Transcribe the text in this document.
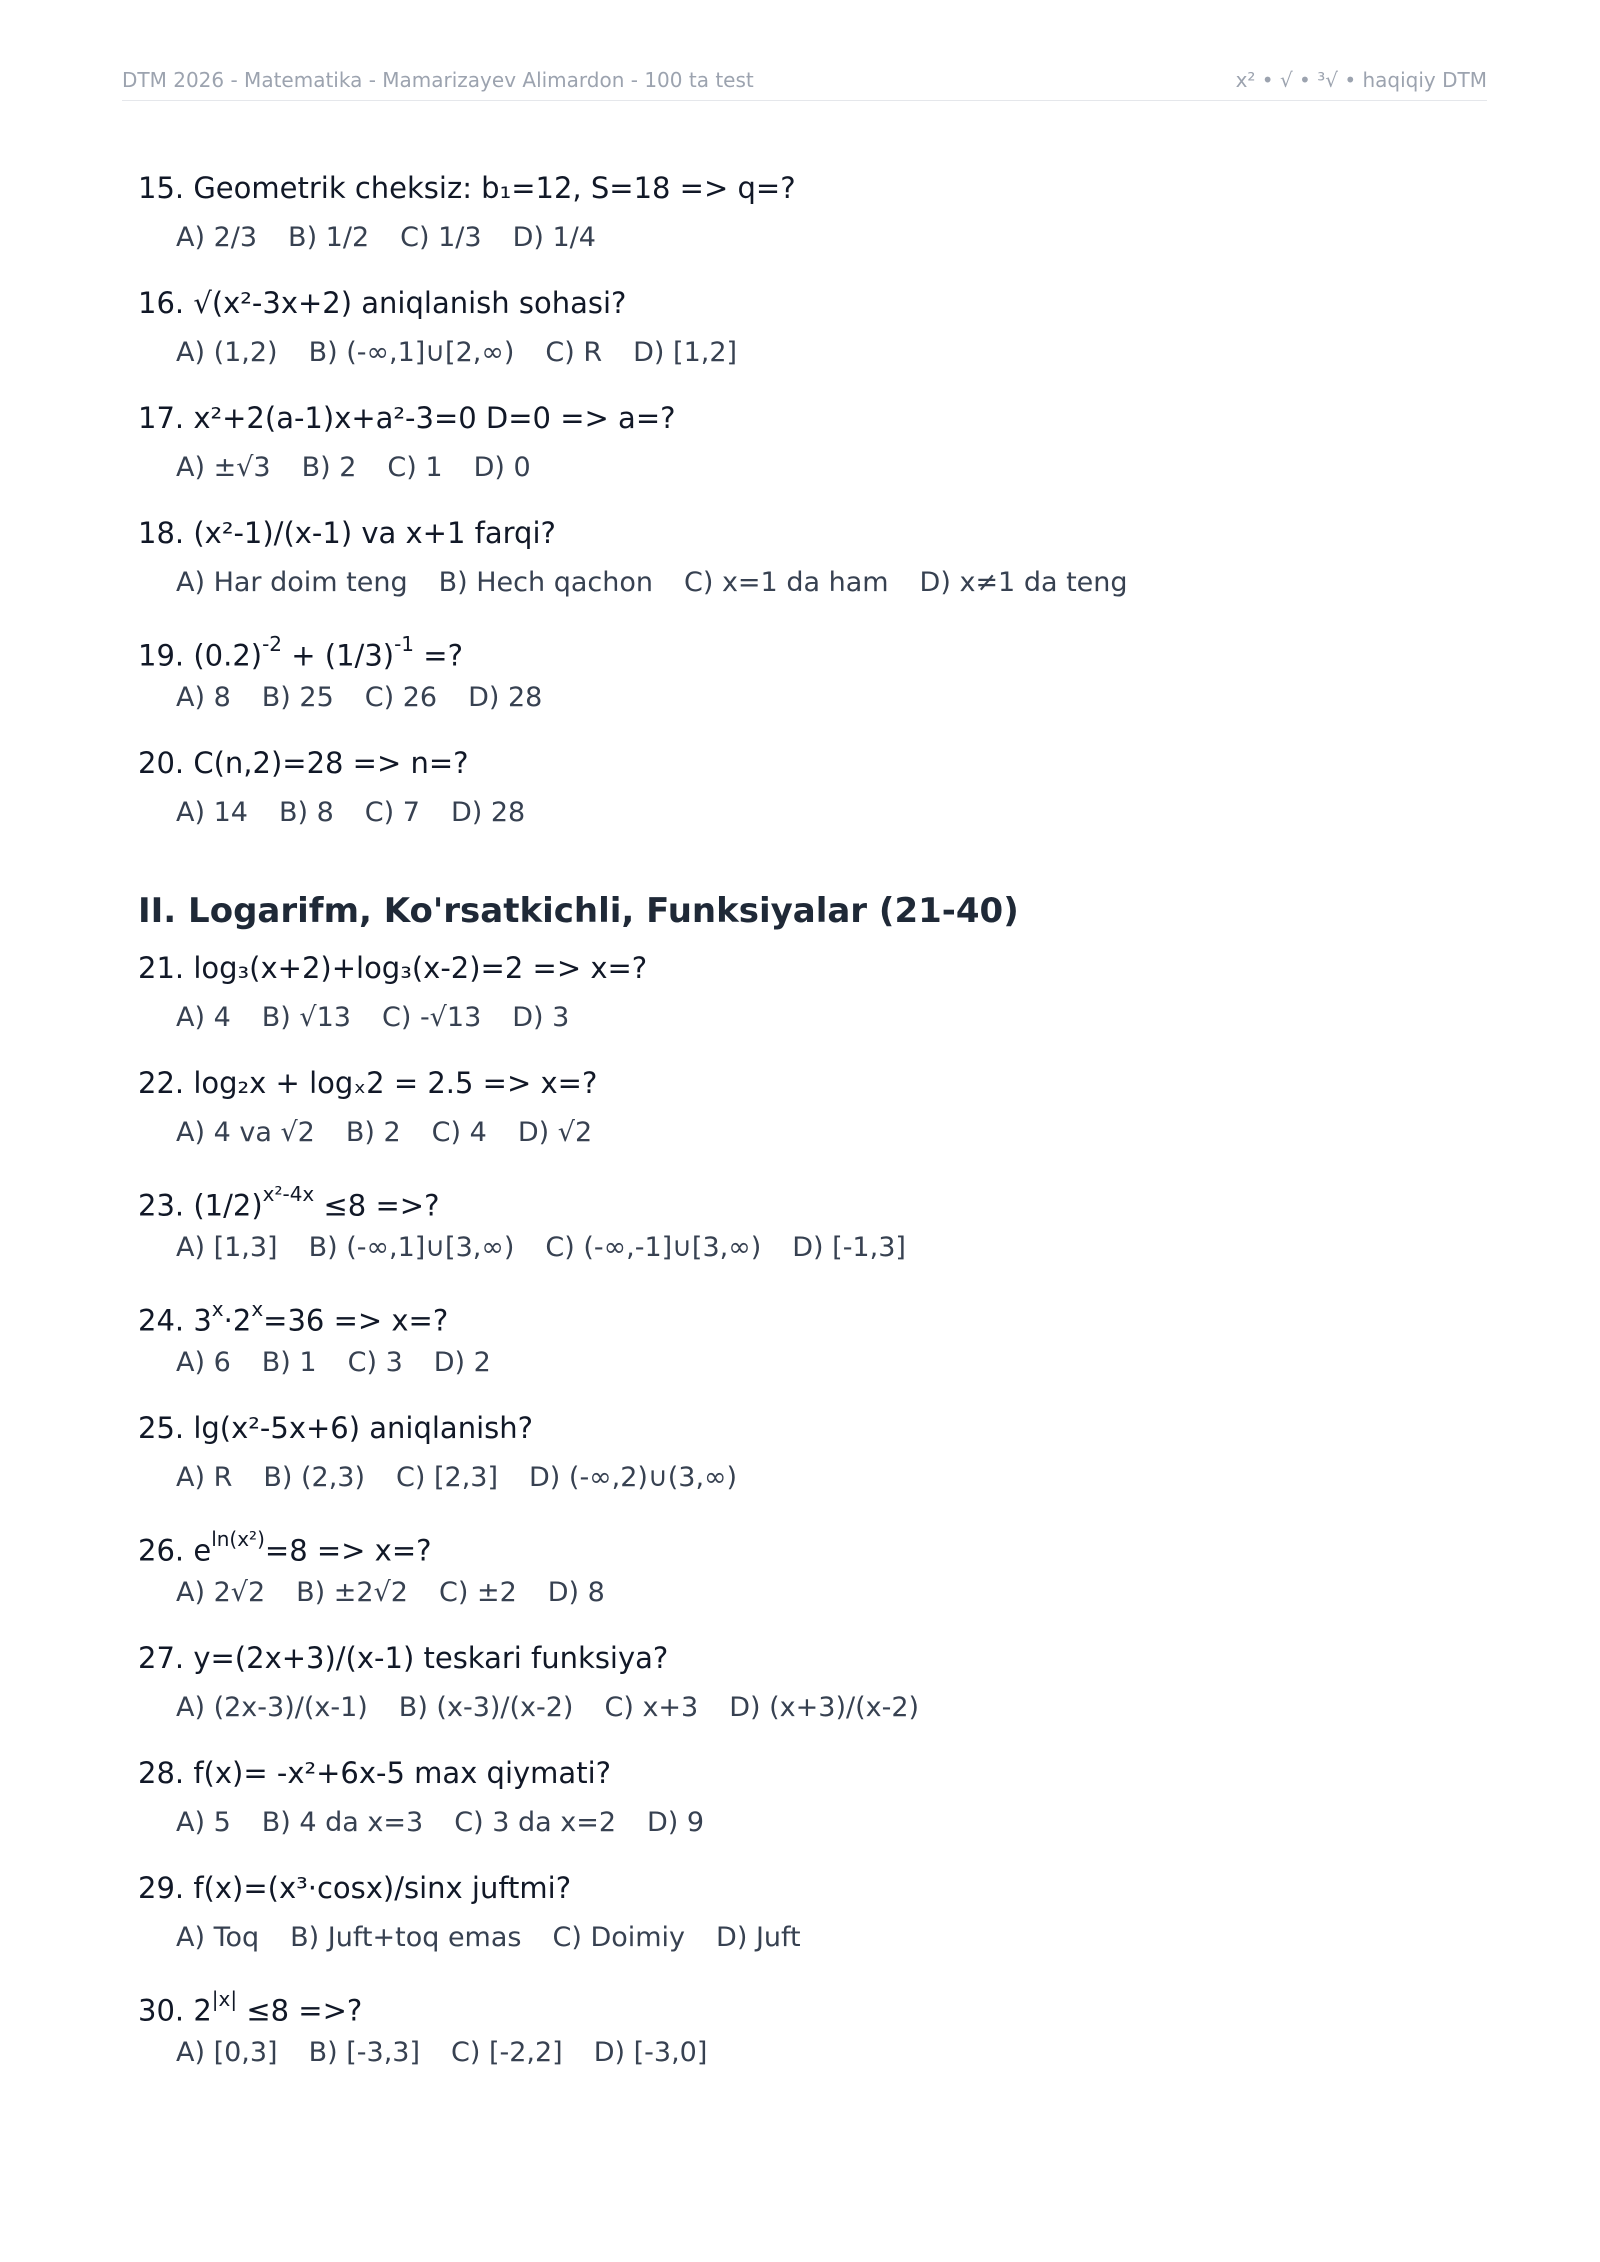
DTM 2026 - Matematika - Mamarizayev Alimardon - 100 ta test	x² • √ • ³√ • haqiqiy DTM
15. Geometrik cheksiz: b₁=12, S=18 => q=?
A) 2/3 B) 1/2 C) 1/3 D) 1/4
16. √(x²-3x+2) aniqlanish sohasi?
A) (1,2) B) (-∞,1]∪[2,∞) C) R D) [1,2]
17. x²+2(a-1)x+a²-3=0 D=0 => a=?
A) ±√3 B) 2 C) 1 D) 0
18. (x²-1)/(x-1) va x+1 farqi?
A) Har doim teng B) Hech qachon C) x=1 da ham D) x≠1 da teng
19. $(0.2)^{-2} + (1/3)^{-1}$ =?
A) 8 B) 25 C) 26 D) 28
20. C(n,2)=28 => n=?
A) 14 B) 8 C) 7 D) 28
II. Logarifm, Ko'rsatkichli, Funksiyalar (21-40)
21. log₃(x+2)+log₃(x-2)=2 => x=?
A) 4 B) √13 C) -√13 D) 3
22. log₂x + logₓ2 = 2.5 => x=?
A) 4 va √2 B) 2 C) 4 D) √2
23. $(1/2)^{x^2-4x} \le 8$ =>?
A) [1,3] B) (-∞,1]∪[3,∞) C) (-∞,-1]∪[3,∞) D) [-1,3]
24. $3^x\cdot 2^x=36 => x=$?
A) 6 B) 1 C) 3 D) 2
25. lg(x²-5x+6) aniqlanish?
A) R B) (2,3) C) [2,3] D) (-∞,2)∪(3,∞)
26. $e^{ln(x^2)}=8 => x=$?
A) 2√2 B) ±2√2 C) ±2 D) 8
27. y=(2x+3)/(x-1) teskari funksiya?
A) (2x-3)/(x-1) B) (x-3)/(x-2) C) x+3 D) (x+3)/(x-2)
28. f(x)= -x²+6x-5 max qiymati?
A) 5 B) 4 da x=3 C) 3 da x=2 D) 9
29. f(x)=(x³·cosx)/sinx juftmi?
A) Toq B) Juft+toq emas C) Doimiy D) Juft
30. $2^{|x|} \le 8$ =>?
A) [0,3] B) [-3,3] C) [-2,2] D) [-3,0]
